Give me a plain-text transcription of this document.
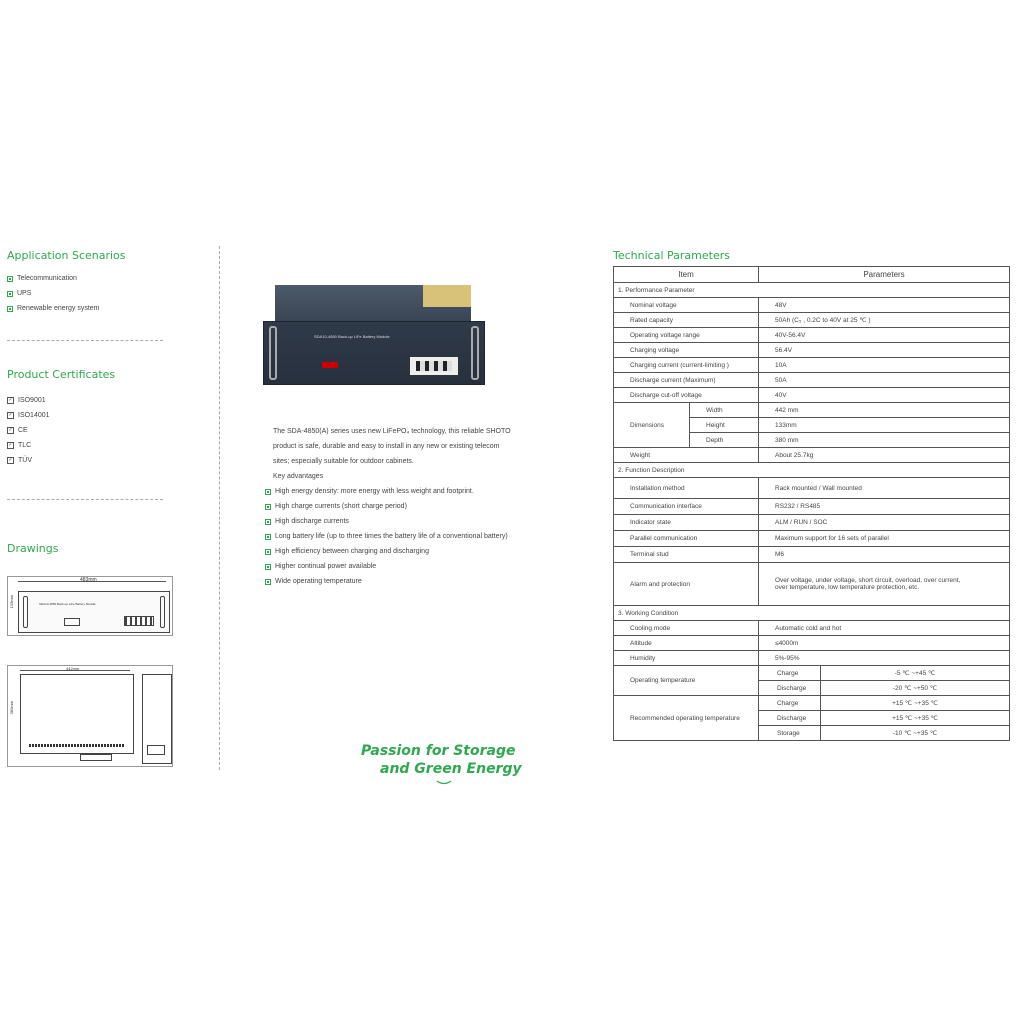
Application Scenarios
Telecommunication
UPS
Renewable energy system
Product Certificates
✓ ISO9001
✓ ISO14001
✓ CE
✓ TLC
✓ TÜV
Drawings
483mm
133mm	SDA10-4850 Back-up LiFe Battery Module
442mm
380mm
SDA10-4850 Back-up LiFe Battery Module

The SDA-4850(A) series uses new LiFePO₄ technology, this reliable SHOTO

product is safe, durable and easy to install in any new or existing telecom

sites; especially suitable for outdoor cabinets.

Key advantages

High energy density: more energy with less weight and footprint.
High charge currents (short charge period)
High discharge currents
Long battery life (up to three times the battery life of a conventional battery)
High efficiency between charging and discharging
Higher continual power available
Wide operating temperature
Passion for Storage
and Green Energy
Technical Parameters
Item		Parameters	
1. Performance Parameter			
Nominal voltage		48V	
Rated capacity		50Ah (C₅ , 0.2C to 40V at 25 ℃ )	
Operating voltage range		40V-56.4V	
Charging voltage		56.4V	
Charging current (current-limiting )		10A	
Discharge current (Maximum)		50A	
Discharge cut-off voltage		40V	
Dimensions	Width	442 mm	
	Height	133mm	
	Depth	380 mm	
Weight		About 25.7kg	
2. Function Description			
Installation method		Rack mounted / Wall mounted	
Communication interface		RS232 / RS485	
Indicator state		ALM / RUN / SOC	
Parallel communication		Maximum support for 16 sets of parallel	
Terminal stud		M6	
Alarm and protection		Over voltage, under voltage, short circuit, overload, over current,
over temperature, low temperature protection, etc.	

3. Working Condition			
Cooling mode		Automatic cold and hot	
Altitude		≤4000m	
Humidity		5%-95%	
Operating temperature		Charge	-5 ℃ ~+45 ℃
		Discharge	-20 ℃ ~+50 ℃
Recommended operating temperature		Charge	+15 ℃ ~+35 ℃
		Discharge	+15 ℃ ~+35 ℃
		Storage	-10 ℃ ~+35 ℃
